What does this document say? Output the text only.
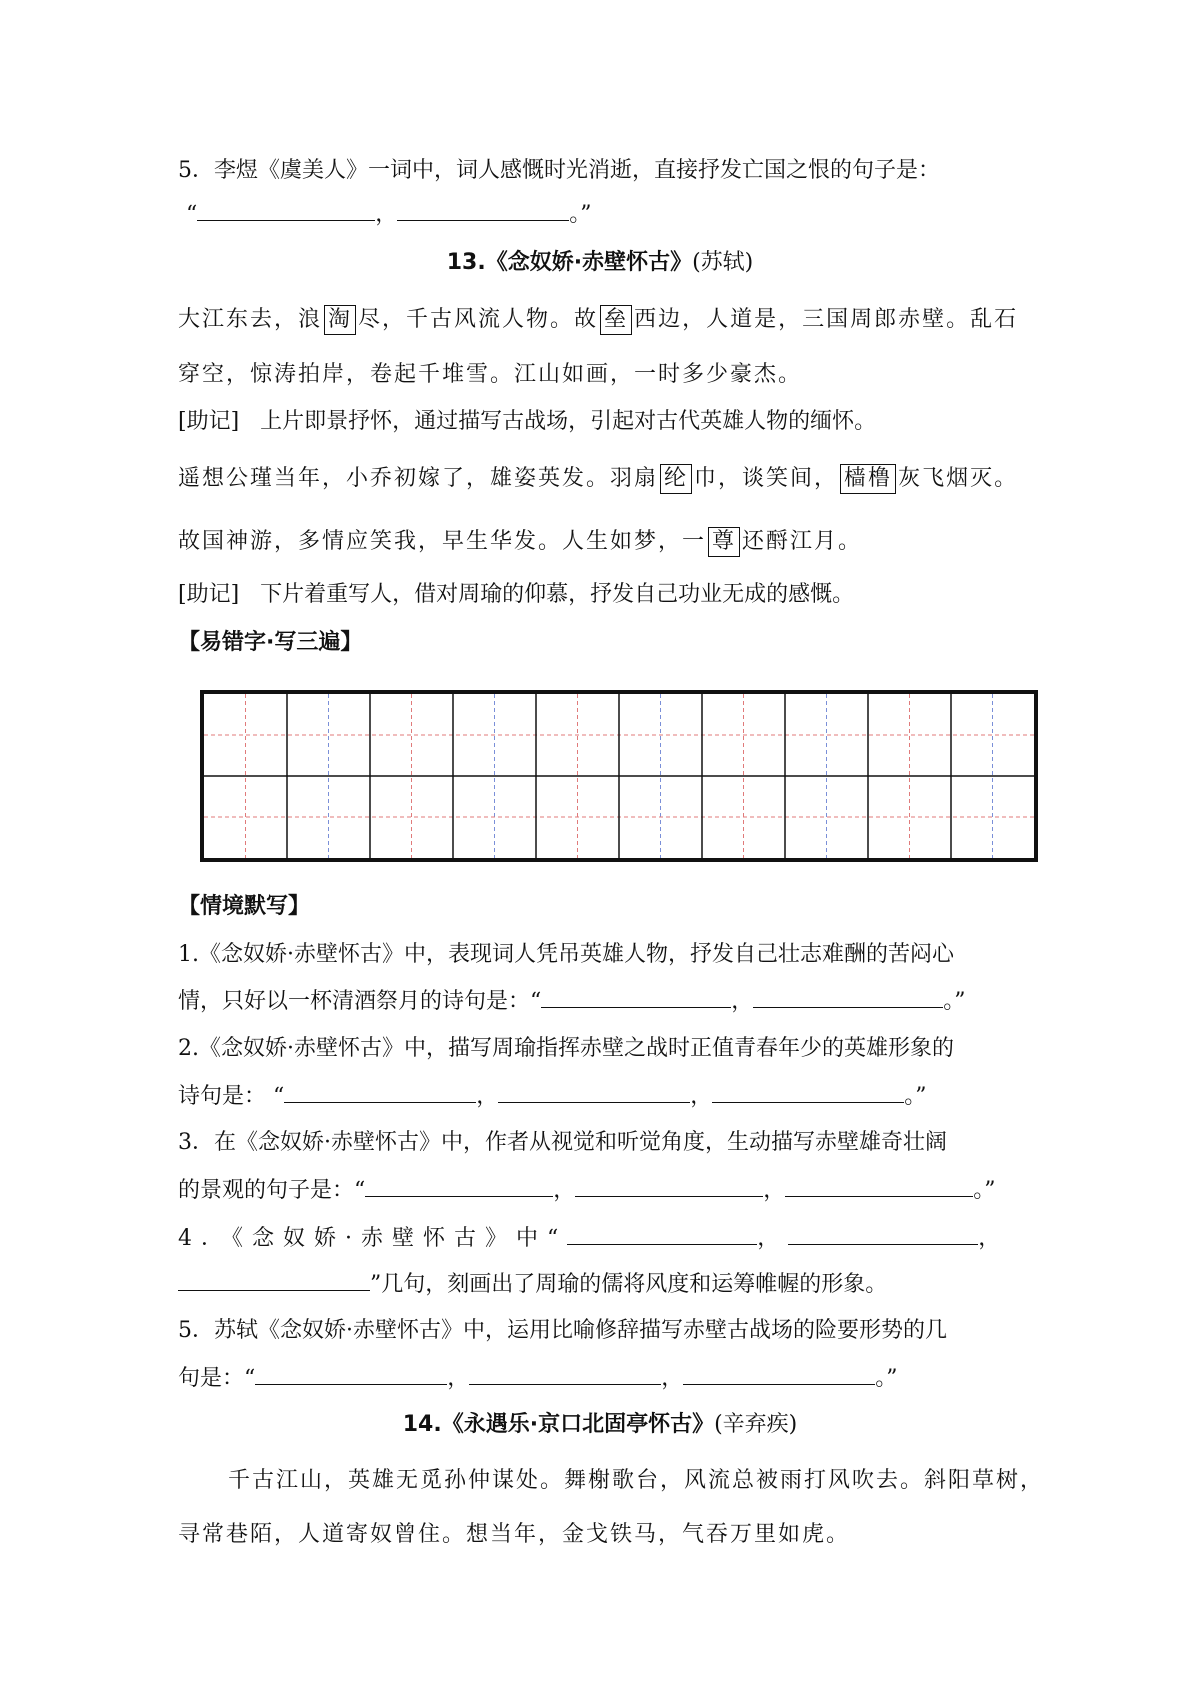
5．李煜《虞美人》一词中，词人感慨时光消逝，直接抒发亡国之恨的句子是：
“	，	。”
13.《念奴娇·赤壁怀古》(苏轼)
大江东去，浪 淘 尽，千古风流人物。故 垒 西边，人道是，三国周郎赤壁。乱石
穿空，惊涛拍岸，卷起千堆雪。江山如画，一时多少豪杰。
[助记] 上片即景抒怀，通过描写古战场，引起对古代英雄人物的缅怀。
遥想公瑾当年，小乔初嫁了，雄姿英发。羽扇 纶 巾，谈笑间， 樯橹 灰飞烟灭。
故国神游，多情应笑我，早生华发。人生如梦，一 尊 还酹江月。
[助记] 下片着重写人，借对周瑜的仰慕，抒发自己功业无成的感慨。
【易错字·写三遍】
【情境默写】
1.《念奴娇·赤壁怀古》中，表现词人凭吊英雄人物，抒发自己壮志难酬的苦闷心
情，只好以一杯清酒祭月的诗句是：“	，	。”
2.《念奴娇·赤壁怀古》中，描写周瑜指挥赤壁之战时正值青春年少的英雄形象的
诗句是： “	，	，	。”
3．在《念奴娇·赤壁怀古》中，作者从视觉和听觉角度，生动描写赤壁雄奇壮阔
的景观的句子是：“	，	，	。”
4．《念奴娇·赤壁怀古》中“	，	，
”几句，刻画出了周瑜的儒将风度和运筹帷幄的形象。
5．苏轼《念奴娇·赤壁怀古》中，运用比喻修辞描写赤壁古战场的险要形势的几
句是：“	，	，	。”
14.《永遇乐·京口北固亭怀古》(辛弃疾)
千古江山，英雄无觅孙仲谋处。舞榭歌台，风流总被雨打风吹去。斜阳草树，
寻常巷陌，人道寄奴曾住。想当年，金戈铁马，气吞万里如虎。
